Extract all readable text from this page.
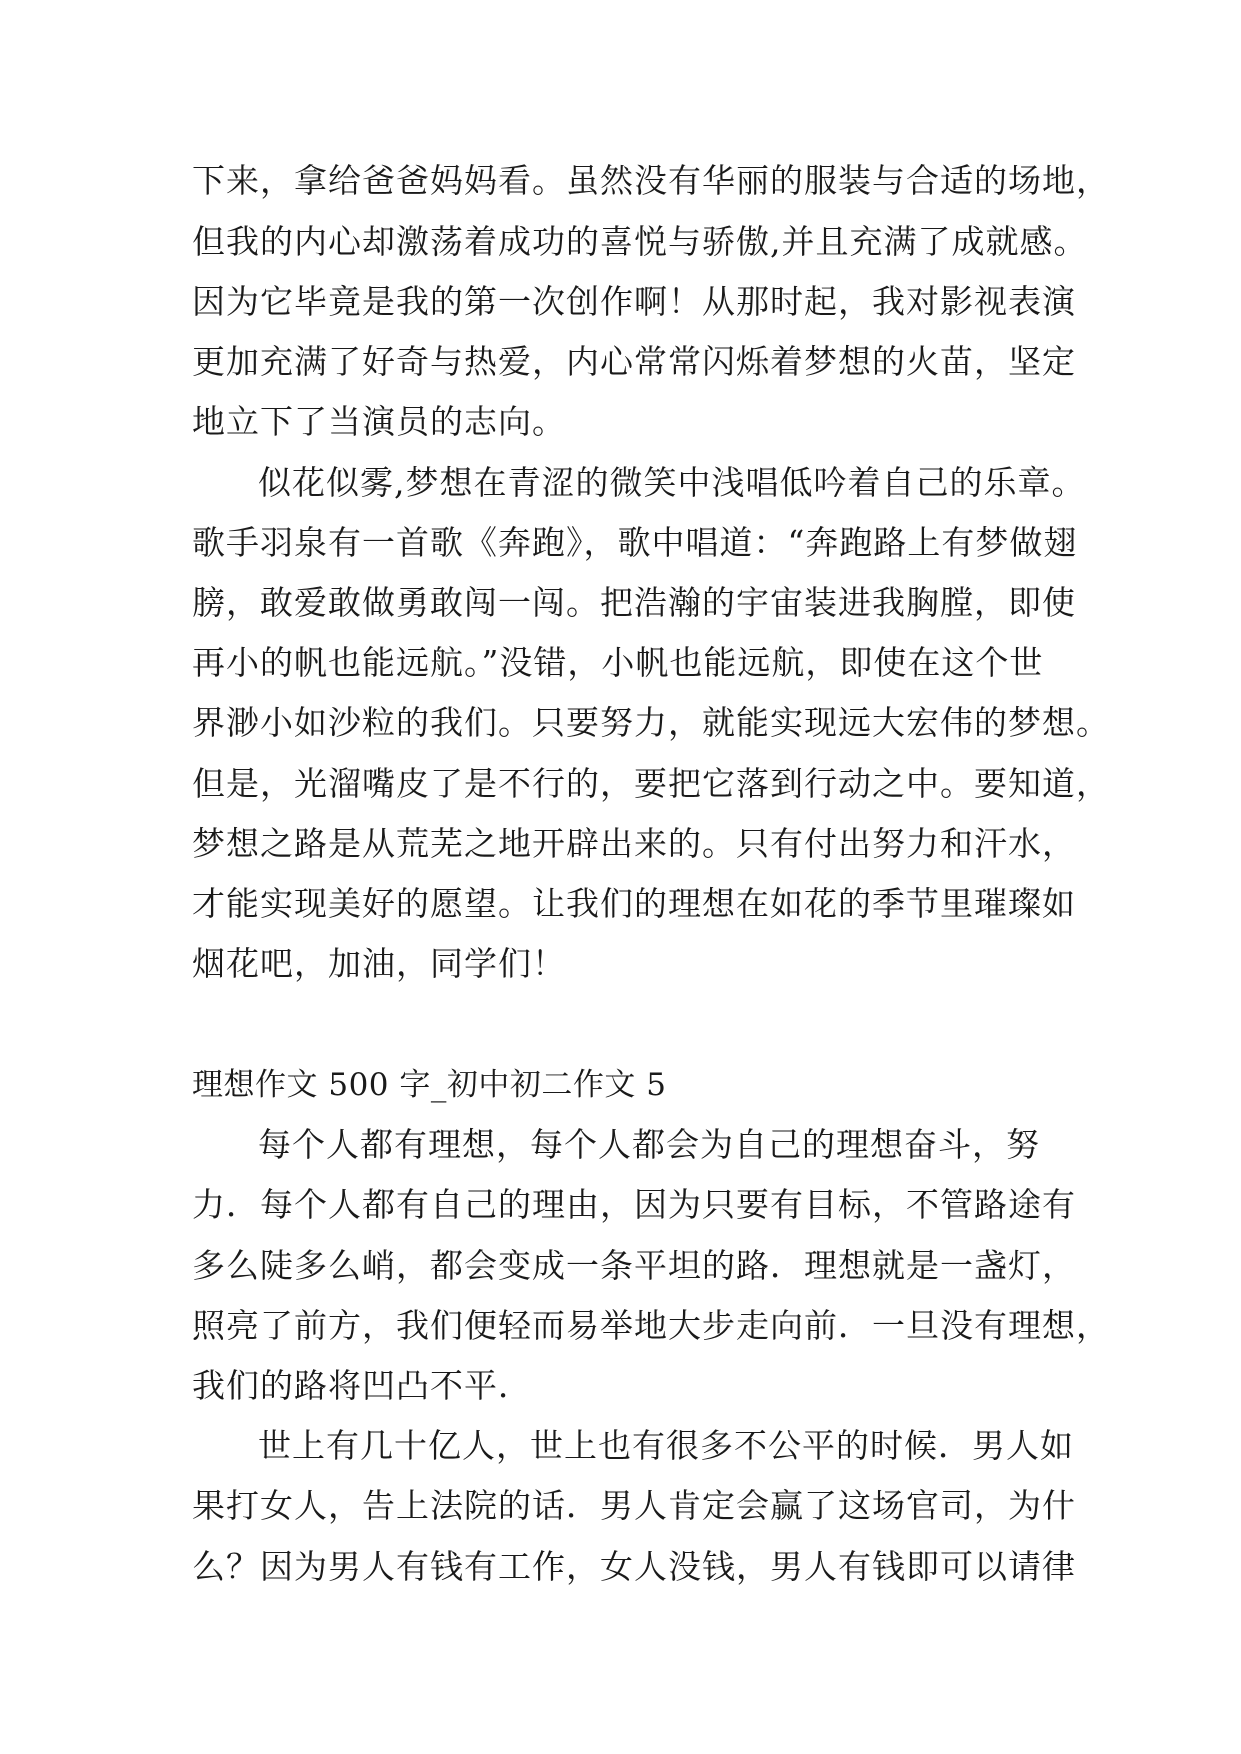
下来，拿给爸爸妈妈看。虽然没有华丽的服装与合适的场地，
但我的内心却激荡着成功的喜悦与骄傲,并且充满了成就感。
因为它毕竟是我的第一次创作啊！从那时起，我对影视表演
更加充满了好奇与热爱，内心常常闪烁着梦想的火苗，坚定
地立下了当演员的志向。
似花似雾,梦想在青涩的微笑中浅唱低吟着自己的乐章。
歌手羽泉有一首歌《奔跑》，歌中唱道：“奔跑路上有梦做翅
膀，敢爱敢做勇敢闯一闯。把浩瀚的宇宙装进我胸膛，即使
再小的帆也能远航。”没错，小帆也能远航，即使在这个世
界渺小如沙粒的我们。只要努力，就能实现远大宏伟的梦想。
但是，光溜嘴皮了是不行的，要把它落到行动之中。要知道，
梦想之路是从荒芜之地开辟出来的。只有付出努力和汗水，
才能实现美好的愿望。让我们的理想在如花的季节里璀璨如
烟花吧，加油，同学们！
理想作文 500 字_初中初二作文 5
每个人都有理想，每个人都会为自己的理想奋斗，努
力．每个人都有自己的理由，因为只要有目标，不管路途有
多么陡多么峭，都会变成一条平坦的路．理想就是一盏灯，
照亮了前方，我们便轻而易举地大步走向前．一旦没有理想，
我们的路将凹凸不平．
世上有几十亿人，世上也有很多不公平的时候．男人如
果打女人，告上法院的话．男人肯定会赢了这场官司，为什
么？因为男人有钱有工作，女人没钱，男人有钱即可以请律
